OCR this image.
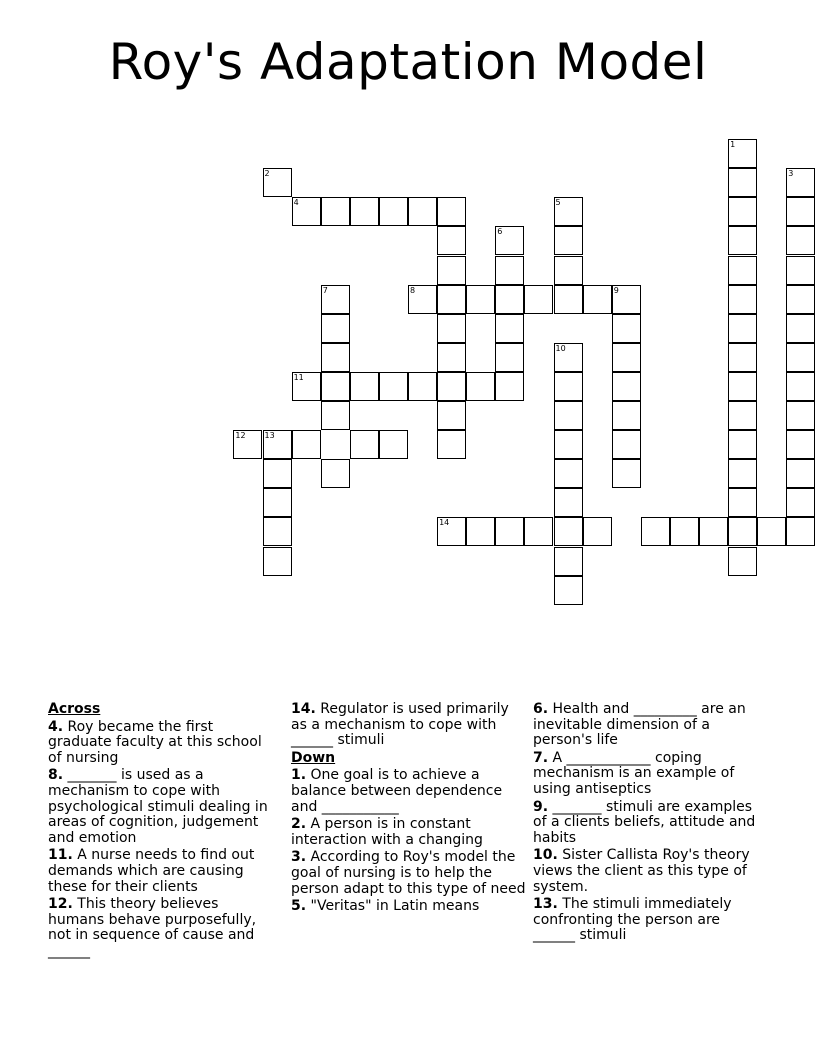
Roy's Adaptation Model
1
2	3
4	5
6
7	8	9
10
11
12 13
14
Across
4. Roy became the first graduate faculty at this school of nursing
8. _______ is used as a mechanism to cope with psychological stimuli dealing in areas of cognition, judgement and emotion
11. A nurse needs to find out demands which are causing these for their clients
12. This theory believes humans behave purposefully, not in sequence of cause and ______
14. Regulator is used primarily as a mechanism to cope with ______ stimuli
Down
1. One goal is to achieve a balance between dependence and ___________
2. A person is in constant interaction with a changing
3. According to Roy's model the goal of nursing is to help the person adapt to this type of need
5. "Veritas" in Latin means
6. Health and _________ are an inevitable dimension of a person's life
7. A ____________ coping mechanism is an example of using antiseptics
9. _______ stimuli are examples of a clients beliefs, attitude and habits
10. Sister Callista Roy's theory views the client as this type of system.
13. The stimuli immediately confronting the person are ______ stimuli
